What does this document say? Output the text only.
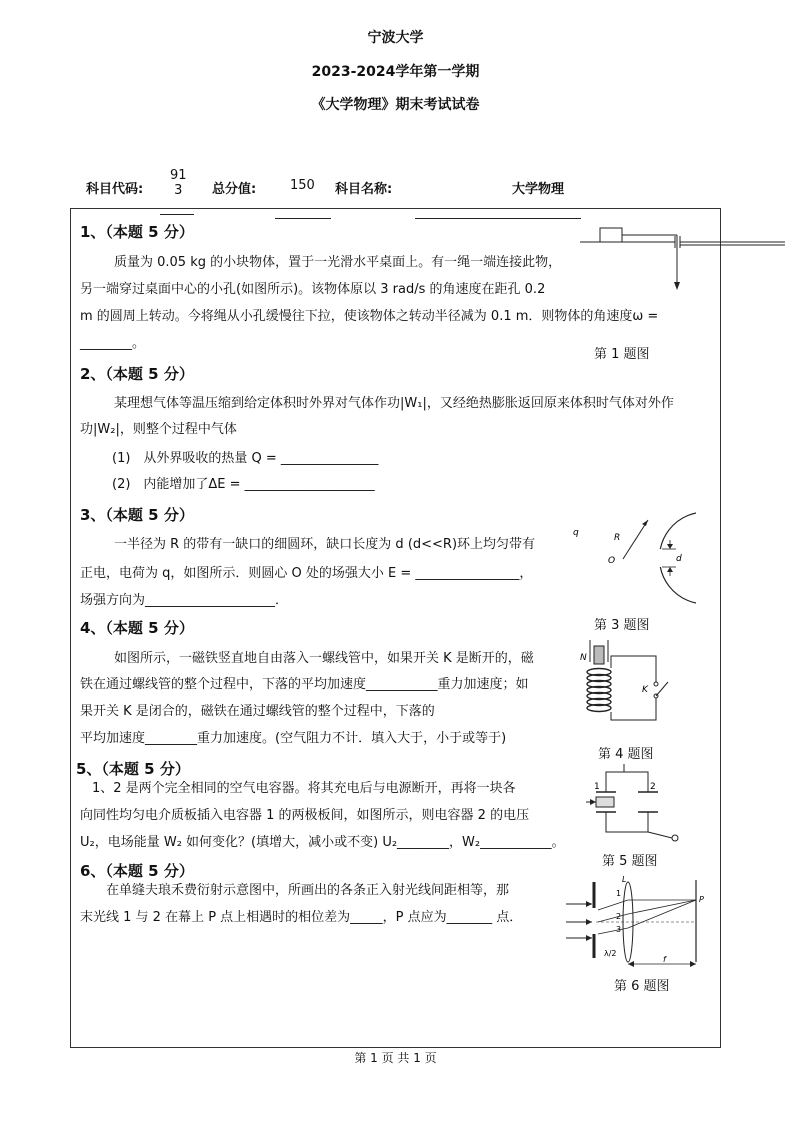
宁波大学
2023-2024学年第一学期
《大学物理》期末考试试卷
科目代码:
91
3	总分值:	150 科目名称:	大学物理
1、（本题 5 分）
质量为 0.05 kg 的小块物体，置于一光滑水平桌面上。有一绳一端连接此物，
另一端穿过桌面中心的小孔(如图所示)。该物体原以 3 rad/s 的角速度在距孔 0.2
m 的圆周上转动。今将绳从小孔缓慢往下拉，使该物体之转动半径减为 0.1 m．则物体的角速度ω =
________。
第 1 题图
2、（本题 5 分）
某理想气体等温压缩到给定体积时外界对气体作功|W₁|，又经绝热膨胀返回原来体积时气体对外作
功|W₂|，则整个过程中气体
(1)　从外界吸收的热量 Q = _______________
(2)　内能增加了ΔE = ____________________
3、（本题 5 分）
一半径为 R 的带有一缺口的细圆环，缺口长度为 d (d<<R)环上均匀带有
正电，电荷为 q，如图所示．则圆心 O 处的场强大小 E = ________________，
场强方向为____________________．
q	R
O	d
第 3 题图
4、（本题 5 分）
如图所示，一磁铁竖直地自由落入一螺线管中，如果开关 K 是断开的，磁
铁在通过螺线管的整个过程中，下落的平均加速度___________重力加速度；如
果开关 K 是闭合的，磁铁在通过螺线管的整个过程中，下落的
平均加速度________重力加速度。(空气阻力不计．填入大于，小于或等于)
N
K
第 4 题图
5、（本题 5 分）
1、2 是两个完全相同的空气电容器。将其充电后与电源断开，再将一块各
向同性均匀电介质板插入电容器 1 的两极板间，如图所示，则电容器 2 的电压
U₂，电场能量 W₂ 如何变化？(填增大，减小或不变) U₂________，W₂___________。
1	2
第 5 题图
6、（本题 5 分）
在单缝夫琅禾费衍射示意图中，所画出的各条正入射光线间距相等，那
末光线 1 与 2 在幕上 P 点上相遇时的相位差为_____，P 点应为_______ 点．
L
1
2
3
P
λ/2
f
第 6 题图
第 1 页 共 1 页
